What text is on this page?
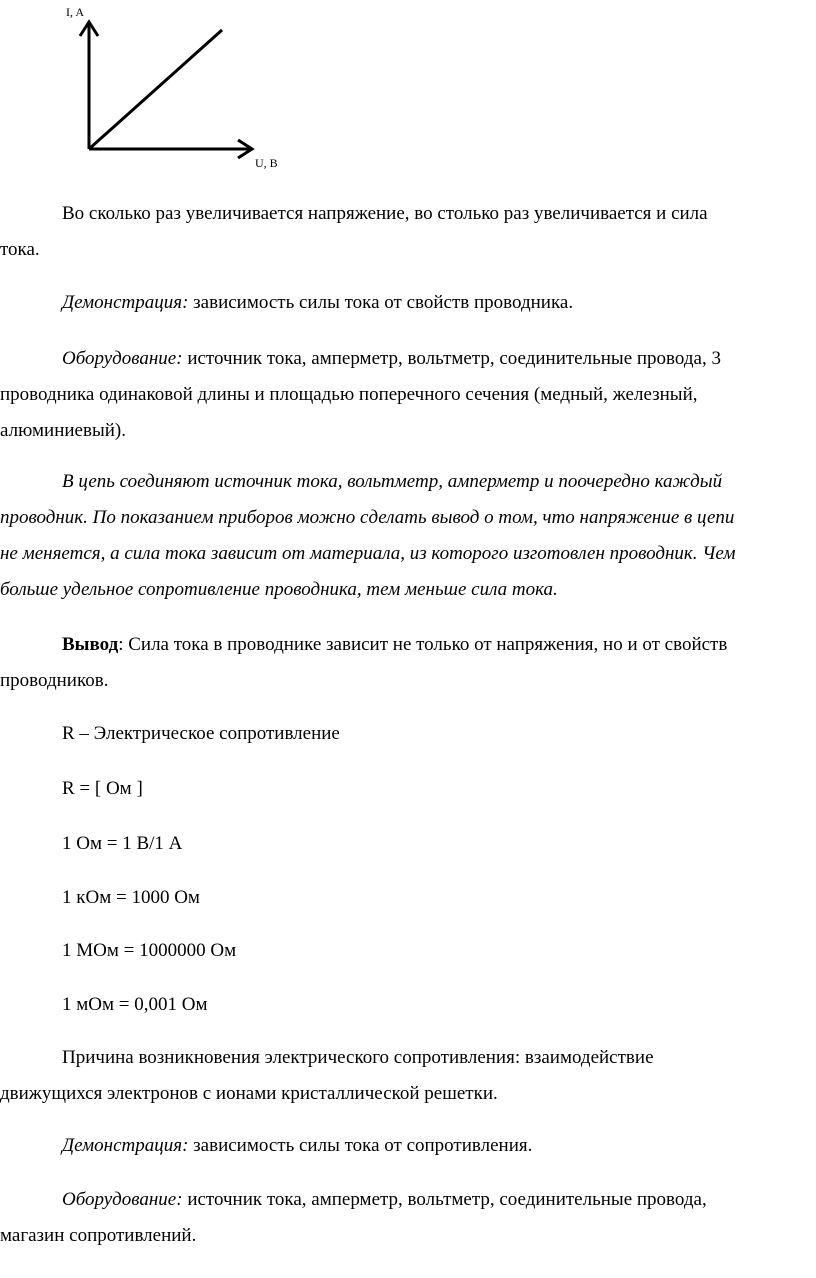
I, A
U, B

Во сколько раз увеличивается напряжение, во столько раз увеличивается и сила
тока.

Демонстрация: зависимость силы тока от свойств проводника.

Оборудование: источник тока, амперметр, вольтметр, соединительные провода, 3
проводника одинаковой длины и площадью поперечного сечения (медный, железный,
алюминиевый).

В цепь соединяют источник тока, вольтметр, амперметр и поочередно каждый
проводник. По показанием приборов можно сделать вывод о том, что напряжение в цепи
не меняется, а сила тока зависит от материала, из которого изготовлен проводник. Чем
больше удельное сопротивление проводника, тем меньше сила тока.

Вывод: Сила тока в проводнике зависит не только от напряжения, но и от свойств
проводников.

R – Электрическое сопротивление

R = [ Ом ]

1 Ом = 1 В/1 А

1 кОм = 1000 Ом

1 МОм = 1000000 Ом

1 мОм = 0,001 Ом

Причина возникновения электрического сопротивления: взаимодействие
движущихся электронов с ионами кристаллической решетки.

Демонстрация: зависимость силы тока от сопротивления.

Оборудование: источник тока, амперметр, вольтметр, соединительные провода,
магазин сопротивлений.
